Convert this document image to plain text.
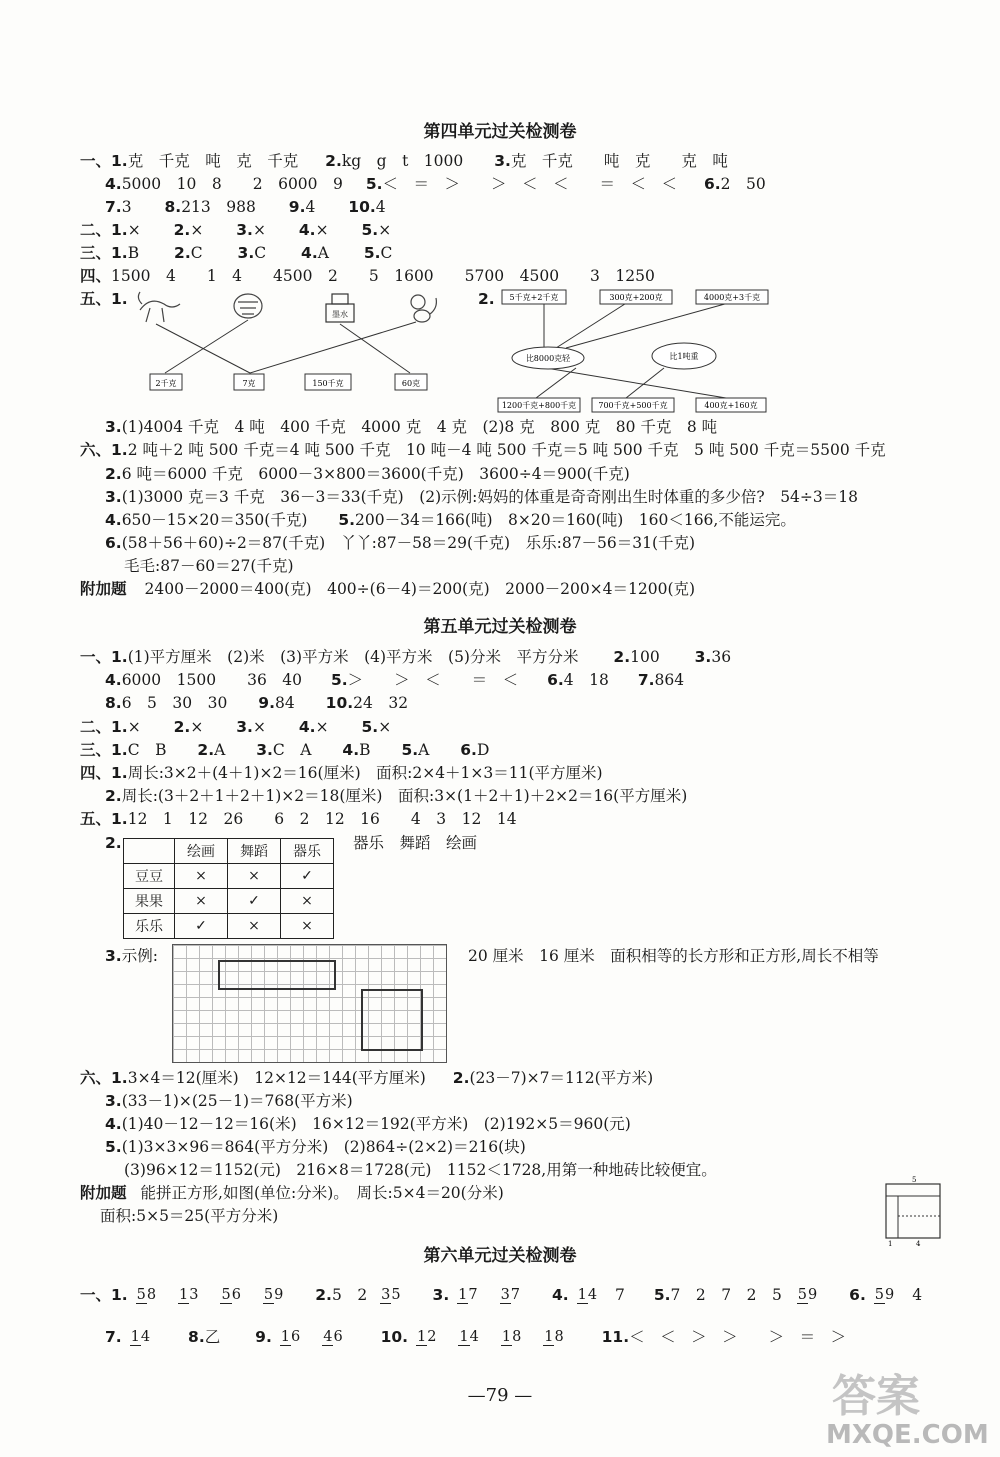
第四单元过关检测卷
一、1.克　千克　吨　克　千克 2.kg　g　t　1000 3.克　千克　　吨　克　　克　吨
4.5000　10　8　　2　6000　9 5.＜　＝　＞　　＞　＜　＜　　＝　＜　＜ 6.2　50
7.3 8.213　988 9.4 10.4
二、1.× 2.× 3.× 4.× 5.×
三、1.B 2.C 3.C 4.A 5.C
四、1500　4　　1　4　　4500　2　　5　1600　　5700　4500　　3　1250
五、1.	2.
墨水
2千克	7克	150千克	60克
5千克+2千克	300克+200克	4000克+3千克
比8000克轻	比1吨重
1200千克+800千克	700千克+500千克	400克+160克
3.(1)4004 千克　4 吨　400 千克　4000 克　4 克　(2)8 克　800 克　80 千克　8 吨
六、1.2 吨＋2 吨 500 千克＝4 吨 500 千克　10 吨－4 吨 500 千克＝5 吨 500 千克　5 吨 500 千克＝5500 千克
2.6 吨＝6000 千克　6000－3×800＝3600(千克)　3600÷4＝900(千克)
3.(1)3000 克＝3 千克　36－3＝33(千克)　(2)示例:妈妈的体重是奇奇刚出生时体重的多少倍?　54÷3＝18
4.650－15×20＝350(千克) 5.200－34＝166(吨)　8×20＝160(吨)　160＜166,不能运完。
6.(58＋56＋60)÷2＝87(千克)　丫丫:87－58＝29(千克)　乐乐:87－56＝31(千克)
毛毛:87－60＝27(千克)
附加题 2400－2000＝400(克)　400÷(6－4)＝200(克)　2000－200×4＝1200(克)
第五单元过关检测卷
一、1.(1)平方厘米　(2)米　(3)平方米　(4)平方米　(5)分米　平方分米 2.100 3.36
4.6000　1500　　36　40 5.＞　　＞　＜　　＝　＜ 6.4　18 7.864
8.6　5　30　30 9.84 10.24　32
二、1.× 2.× 3.× 4.× 5.×
三、1.C　B 2.A 3.C　A 4.B 5.A 6.D
四、1.周长:3×2＋(4＋1)×2＝16(厘米)　面积:2×4＋1×3＝11(平方厘米)
2.周长:(3＋2＋1＋2＋1)×2＝18(厘米)　面积:3×(1＋2＋1)＋2×2＝16(平方厘米)
五、1.12　1　12　26　　6　2　12　16　　4　3　12　14
2.	器乐　舞蹈　绘画
	绘画	舞蹈	器乐
豆豆	×	×	✓
果果	×	✓	×
乐乐	✓	×	×
3.示例:	20 厘米　16 厘米　面积相等的长方形和正方形,周长不相等
六、1.3×4＝12(厘米)　12×12＝144(平方厘米) 2.(23－7)×7＝112(平方米)
3.(33－1)×(25－1)＝768(平方米)
4.(1)40－12－12＝16(米)　16×12＝192(平方米)　(2)192×5＝960(元)
5.(1)3×3×96＝864(平方分米)　(2)864÷(2×2)＝216(块)
(3)96×12＝1152(元)　216×8＝1728(元)　1152＜1728,用第一种地砖比较便宜。
附加题 能拼正方形,如图(单位:分米)。　周长:5×4＝20(分米)
面积:5×5＝25(平方分米)
5
1	4
第六单元过关检测卷
一、1. 58 13 56 59 2.5　2 35 3. 17 37 4. 14 7 5.7　2　7　2　5 59 6. 59 4
7. 14 8.乙 9. 16 46 10. 12 14 18 18 11.＜　＜　＞　＞　　＞　＝　＞
—79 —	答案
MXQE.COM
